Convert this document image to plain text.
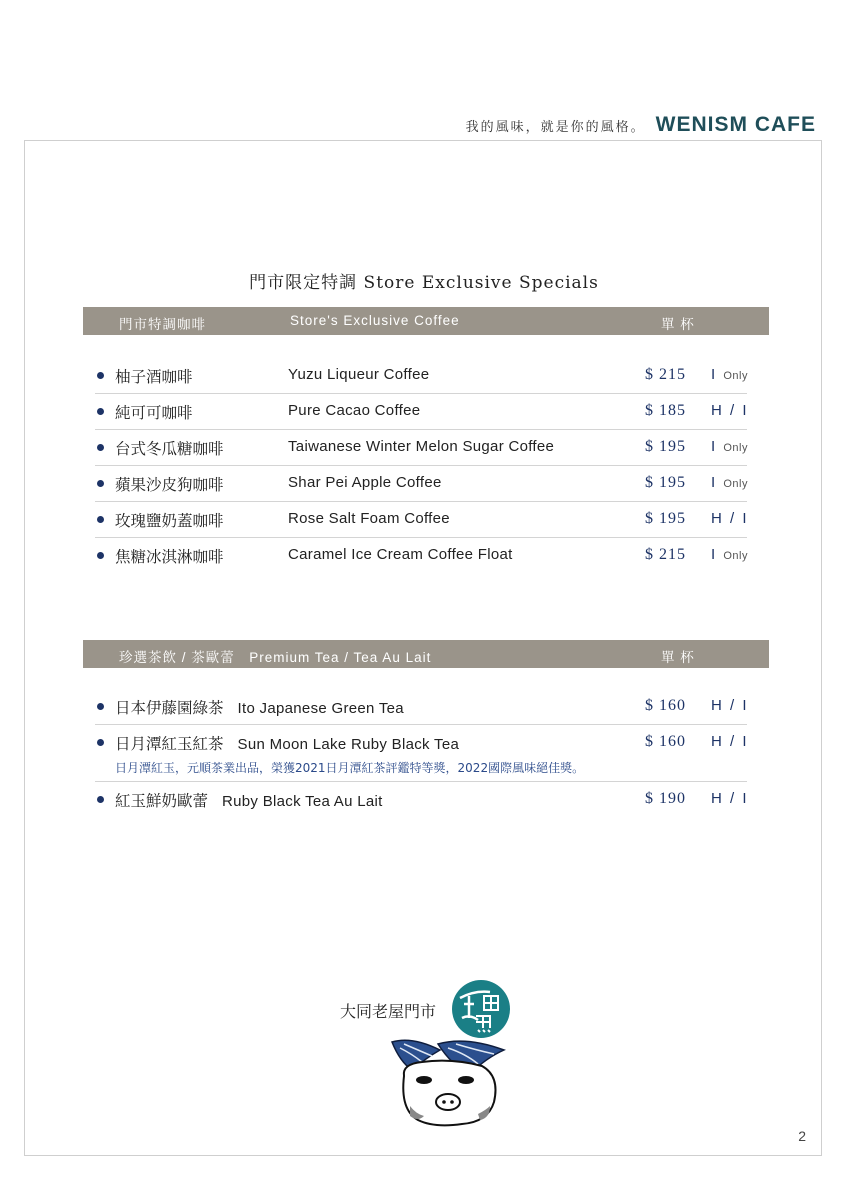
我的風味，就是你的風格。 WENISM CAFE
門市限定特調 Store Exclusive Specials
門市特調咖啡	Store's Exclusive Coffee	單 杯
柚子酒咖啡	Yuzu Liqueur Coffee	$ 215 I Only
純可可咖啡	Pure Cacao Coffee	$ 185 H / I
台式冬瓜糖咖啡	Taiwanese Winter Melon Sugar Coffee	$ 195 I Only
蘋果沙皮狗咖啡	Shar Pei Apple Coffee	$ 195 I Only
玫瑰鹽奶蓋咖啡	Rose Salt Foam Coffee	$ 195 H / I
焦糖冰淇淋咖啡	Caramel Ice Cream Coffee Float	$ 215 I Only
珍選茶飲 / 茶歐蕾　Premium Tea / Tea Au Lait	單 杯
日本伊藤園綠茶 Ito Japanese Green Tea	$ 160 H / I
日月潭紅玉紅茶 Sun Moon Lake Ruby Black Tea	$ 160 H / I
日月潭紅玉，元順茶業出品，榮獲2021日月潭紅茶評鑑特等獎，2022國際風味絕佳獎。
紅玉鮮奶歐蕾 Ruby Black Tea Au Lait	$ 190 H / I
大同老屋門市
2
